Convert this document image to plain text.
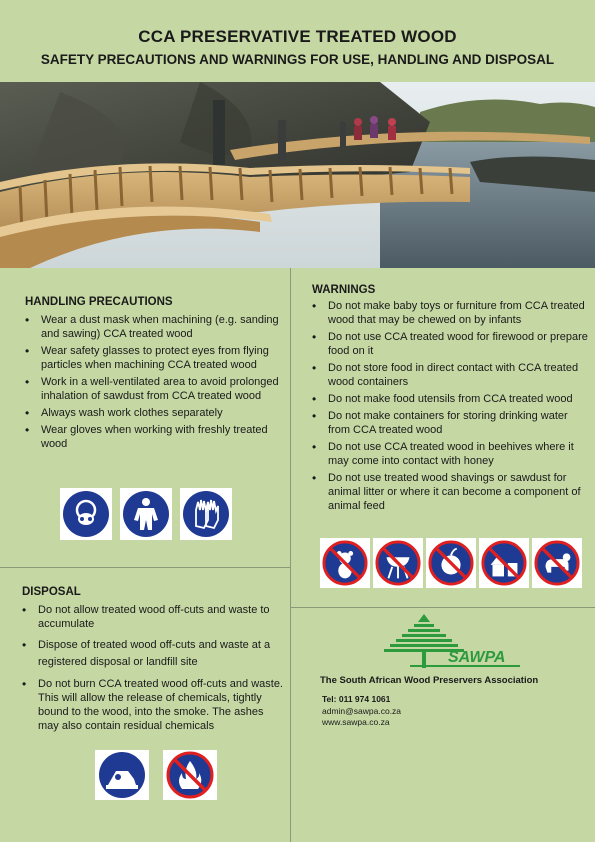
CCA PRESERVATIVE TREATED WOOD
SAFETY PRECAUTIONS AND WARNINGS FOR USE, HANDLING AND DISPOSAL
HANDLING PRECAUTIONS
• Wear a dust mask when machining (e.g. sanding and sawing) CCA treated wood
• Wear safety glasses to protect eyes from flying particles when machining CCA treated wood
• Work in a well-ventilated area to avoid prolonged inhalation of sawdust from CCA treated wood
• Always wash work clothes separately
• Wear gloves when working with freshly treated wood
WARNINGS
• Do not make baby toys or furniture from CCA treated wood that may be chewed on by infants
• Do not use CCA treated wood for firewood or prepare food on it
• Do not store food in direct contact with CCA treated wood containers
• Do not make food utensils from CCA treated wood
• Do not make containers for storing drinking water from CCA treated wood
• Do not use CCA treated wood in beehives where it may come into contact with honey
• Do not use treated wood shavings or sawdust for animal litter or where it can become a component of animal feed
DISPOSAL
• Do not allow treated wood off-cuts and waste to accumulate
• Dispose of treated wood off-cuts and waste at a registered disposal or landfill site
• Do not burn CCA treated wood off-cuts and waste. This will allow the release of chemicals, tightly bound to the wood, into the smoke. The ashes may also contain residual chemicals
SAWPA
The South African Wood Preservers Association
Tel: 011 974 1061
admin@sawpa.co.za
www.sawpa.co.za
